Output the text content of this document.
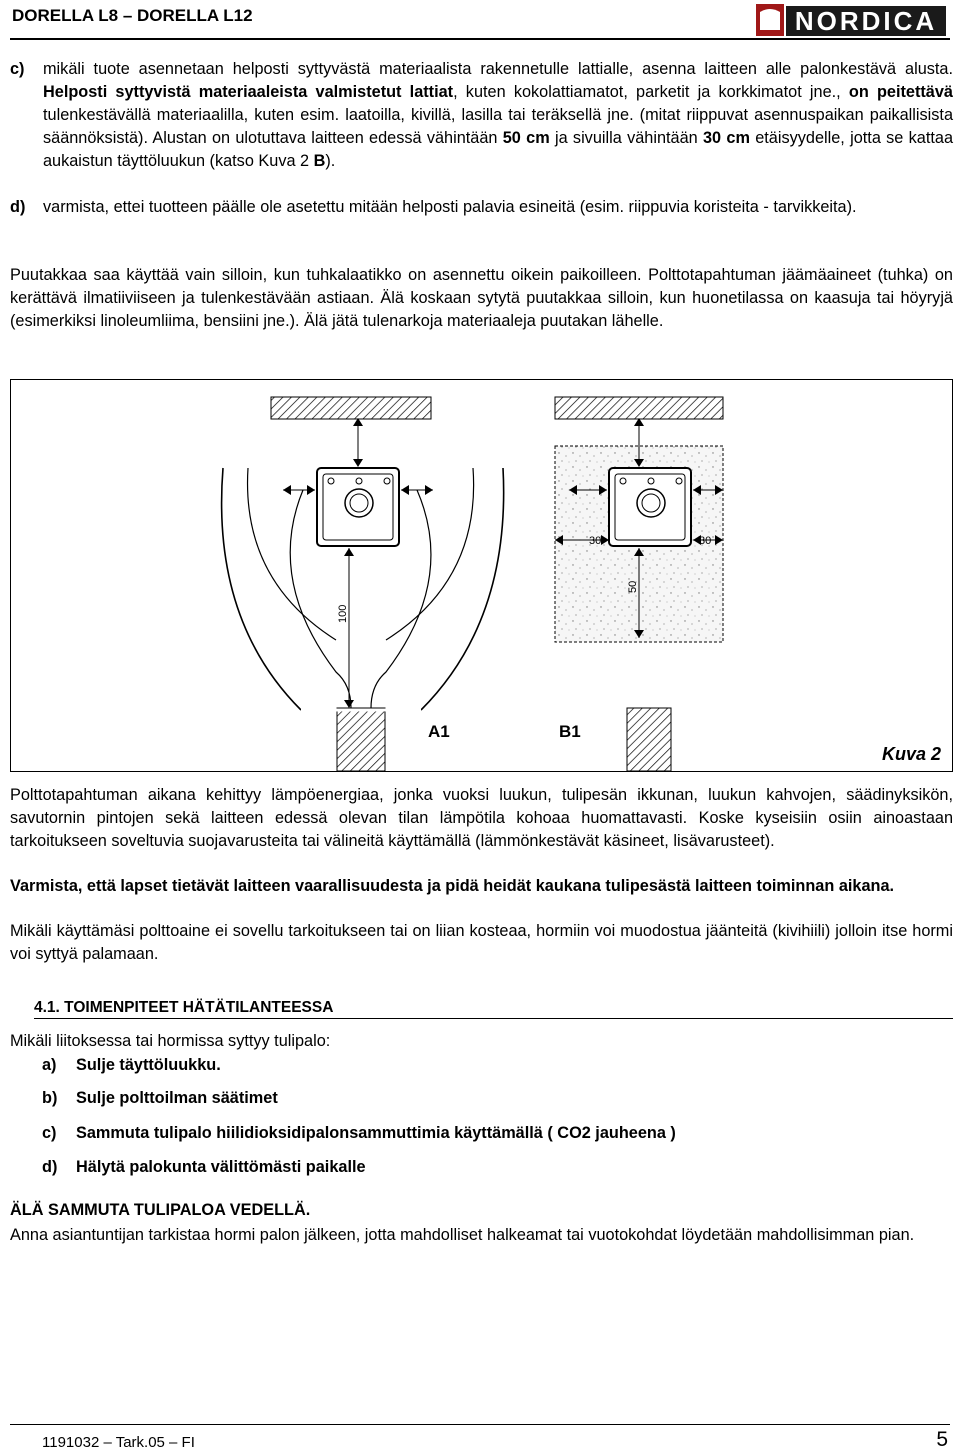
DORELLA L8 – DORELLA L12	NORDICA
c) mikäli tuote asennetaan helposti syttyvästä materiaalista rakennetulle lattialle, asenna laitteen alle palonkestävä alusta. Helposti syttyvistä materiaaleista valmistetut lattiat, kuten kokolattiamatot, parketit ja korkkimatot jne., on peitettävä tulenkestävällä materiaalilla, kuten esim. laatoilla, kivillä, lasilla tai teräksellä jne. (mitat riippuvat asennuspaikan paikallisista säännöksistä). Alustan on ulotuttava laitteen edessä vähintään 50 cm ja sivuilla vähintään 30 cm etäisyydelle, jotta se kattaa aukaistun täyttöluukun (katso Kuva 2 B).
d) varmista, ettei tuotteen päälle ole asetettu mitään helposti palavia esineitä (esim. riippuvia koristeita - tarvikkeita).
Puutakkaa saa käyttää vain silloin, kun tuhkalaatikko on asennettu oikein paikoilleen. Polttotapahtuman jäämäaineet (tuhka) on kerättävä ilmatiiviiseen ja tulenkestävään astiaan. Älä koskaan sytytä puutakkaa silloin, kun huonetilassa on kaasuja tai höyryjä (esimerkiksi linoleumliima, bensiini jne.). Älä jätä tulenarkoja materiaaleja puutakan lähelle.
100
30	30
50
A1	B1
Kuva 2
Polttotapahtuman aikana kehittyy lämpöenergiaa, jonka vuoksi luukun, tulipesän ikkunan, luukun kahvojen, säädinyksikön, savutornin pintojen sekä laitteen edessä olevan tilan lämpötila kohoaa huomattavasti. Koske kyseisiin osiin ainoastaan tarkoitukseen soveltuvia suojavarusteita tai välineitä käyttämällä (lämmönkestävät käsineet, lisävarusteet).
Varmista, että lapset tietävät laitteen vaarallisuudesta ja pidä heidät kaukana tulipesästä laitteen toiminnan aikana.
Mikäli käyttämäsi polttoaine ei sovellu tarkoitukseen tai on liian kosteaa, hormiin voi muodostua jäänteitä (kivihiili) jolloin itse hormi voi syttyä palamaan.
4.1. TOIMENPITEET HÄTÄTILANTEESSA
Mikäli liitoksessa tai hormissa syttyy tulipalo:
a) Sulje täyttöluukku.
b) Sulje polttoilman säätimet
c) Sammuta tulipalo hiilidioksidipalonsammuttimia käyttämällä ( CO2 jauheena )
d) Hälytä palokunta välittömästi paikalle
ÄLÄ SAMMUTA TULIPALOA VEDELLÄ.
Anna asiantuntijan tarkistaa hormi palon jälkeen, jotta mahdolliset halkeamat tai vuotokohdat löydetään mahdollisimman pian.
1191032 – Tark.05 – FI	5
